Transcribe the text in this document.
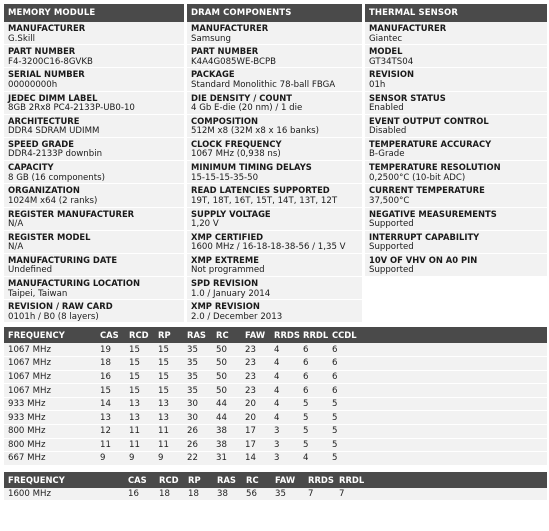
MEMORY MODULE
MANUFACTURER
G.Skill
PART NUMBER
F4-3200C16-8GVKB
SERIAL NUMBER
00000000h
JEDEC DIMM LABEL
8GB 2Rx8 PC4-2133P-UB0-10
ARCHITECTURE
DDR4 SDRAM UDIMM
SPEED GRADE
DDR4-2133P downbin
CAPACITY
8 GB (16 components)
ORGANIZATION
1024M x64 (2 ranks)
REGISTER MANUFACTURER
N/A
REGISTER MODEL
N/A
MANUFACTURING DATE
Undefined
MANUFACTURING LOCATION
Taipei, Taiwan
REVISION / RAW CARD
0101h / B0 (8 layers)
DRAM COMPONENTS
MANUFACTURER
Samsung
PART NUMBER
K4A4G085WE-BCPB
PACKAGE
Standard Monolithic 78-ball FBGA
DIE DENSITY / COUNT
4 Gb E-die (20 nm) / 1 die
COMPOSITION
512M x8 (32M x8 x 16 banks)
CLOCK FREQUENCY
1067 MHz (0,938 ns)
MINIMUM TIMING DELAYS
15-15-15-35-50
READ LATENCIES SUPPORTED
19T, 18T, 16T, 15T, 14T, 13T, 12T
SUPPLY VOLTAGE
1,20 V
XMP CERTIFIED
1600 MHz / 16-18-18-38-56 / 1,35 V
XMP EXTREME
Not programmed
SPD REVISION
1.0 / January 2014
XMP REVISION
2.0 / December 2013
THERMAL SENSOR
MANUFACTURER
Giantec
MODEL
GT34TS04
REVISION
01h
SENSOR STATUS
Enabled
EVENT OUTPUT CONTROL
Disabled
TEMPERATURE ACCURACY
B-Grade
TEMPERATURE RESOLUTION
0,2500°C (10-bit ADC)
CURRENT TEMPERATURE
37,500°C
NEGATIVE MEASUREMENTS
Supported
INTERRUPT CAPABILITY
Supported
10V OF VHV ON A0 PIN
Supported
FREQUENCY	CAS	RCD	RP	RAS	RC	FAW	RRDS	RRDL	CCDL
1067 MHz	19	15	15	35	50	23	4	6	6
1067 MHz	18	15	15	35	50	23	4	6	6
1067 MHz	16	15	15	35	50	23	4	6	6
1067 MHz	15	15	15	35	50	23	4	6	6
933 MHz	14	13	13	30	44	20	4	5	5
933 MHz	13	13	13	30	44	20	4	5	5
800 MHz	12	11	11	26	38	17	3	5	5
800 MHz	11	11	11	26	38	17	3	5	5
667 MHz	9	9	9	22	31	14	3	4	5
FREQUENCY	CAS	RCD	RP	RAS	RC	FAW	RRDS	RRDL
1600 MHz	16	18	18	38	56	35	7	7
